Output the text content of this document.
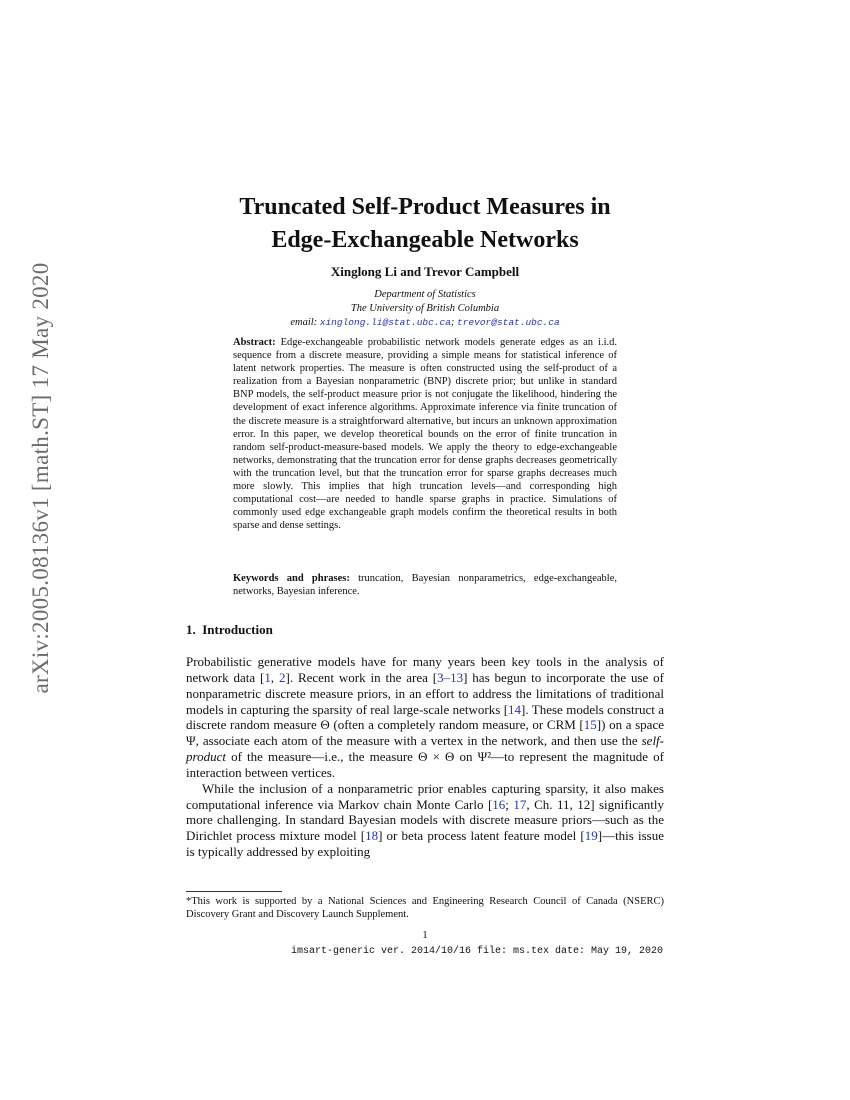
arXiv:2005.08136v1 [math.ST] 17 May 2020
Truncated Self-Product Measures in
Edge-Exchangeable Networks
Xinglong Li and Trevor Campbell
Department of Statistics
The University of British Columbia
email: xinglong.li@stat.ubc.ca; trevor@stat.ubc.ca
Abstract: Edge-exchangeable probabilistic network models generate edges as an i.i.d. sequence from a discrete measure, providing a simple means for statistical inference of latent network properties. The measure is often constructed using the self-product of a realization from a Bayesian nonparametric (BNP) discrete prior; but unlike in standard BNP models, the self-product measure prior is not conjugate the likelihood, hindering the development of exact inference algorithms. Approximate inference via finite truncation of the discrete measure is a straightforward alternative, but incurs an unknown approximation error. In this paper, we develop theoretical bounds on the error of finite truncation in random self-product-measure-based models. We apply the theory to edge-exchangeable networks, demonstrating that the truncation error for dense graphs decreases geometrically with the truncation level, but that the truncation error for sparse graphs decreases much more slowly. This implies that high truncation levels—and corresponding high computational cost—are needed to handle sparse graphs in practice. Simulations of commonly used edge exchangeable graph models confirm the theoretical results in both sparse and dense settings.
Keywords and phrases: truncation, Bayesian nonparametrics, edge-exchangeable, networks, Bayesian inference.
1. Introduction

Probabilistic generative models have for many years been key tools in the analysis of network data [1, 2]. Recent work in the area [3–13] has begun to incorporate the use of nonparametric discrete measure priors, in an effort to address the limitations of traditional models in capturing the sparsity of real large-scale networks [14]. These models construct a discrete random measure Θ (often a completely random measure, or CRM [15]) on a space Ψ, associate each atom of the measure with a vertex in the network, and then use the self-product of the measure—i.e., the measure Θ × Θ on Ψ²—to represent the magnitude of interaction between vertices.

While the inclusion of a nonparametric prior enables capturing sparsity, it also makes computational inference via Markov chain Monte Carlo [16; 17, Ch. 11, 12] significantly more challenging. In standard Bayesian models with discrete measure priors—such as the Dirichlet process mixture model [18] or beta process latent feature model [19]—this issue is typically addressed by exploiting

*This work is supported by a National Sciences and Engineering Research Council of Canada (NSERC) Discovery Grant and Discovery Launch Supplement.
1
imsart-generic ver. 2014/10/16 file: ms.tex date: May 19, 2020
